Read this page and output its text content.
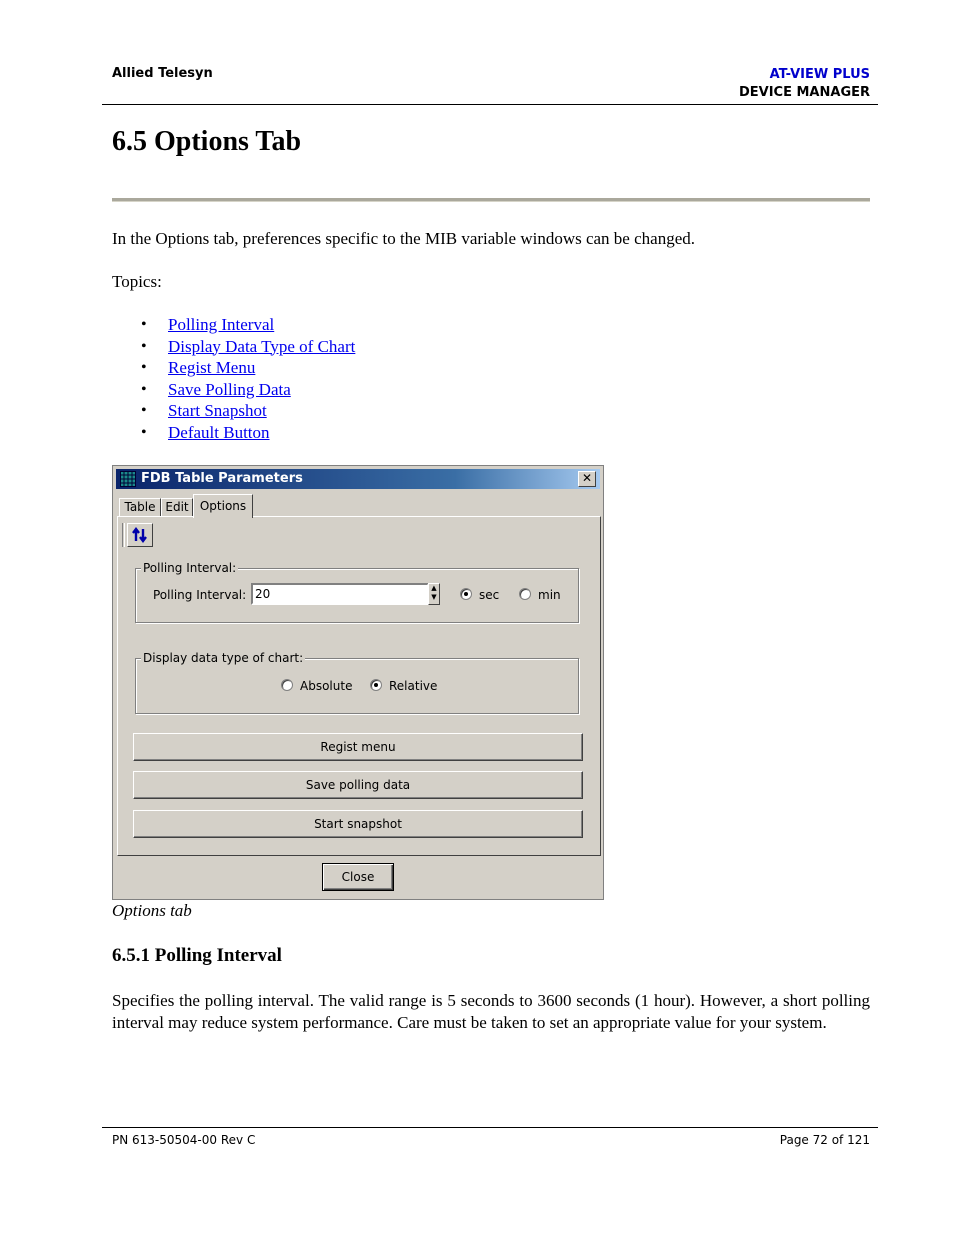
Allied Telesyn	AT-VIEW PLUS
DEVICE MANAGER
6.5 Options Tab
In the Options tab, preferences specific to the MIB variable windows can be changed.
Topics:
• Polling Interval
• Display Data Type of Chart
• Regist Menu
• Save Polling Data
• Start Snapshot
• Default Button
FDB Table Parameters	✕
Table Edit Options
Polling Interval:
Polling Interval: 20	▲
▼	sec	min
Display data type of chart:
Absolute	Relative
Regist menu
Save polling data
Start snapshot
Close
Options tab
6.5.1 Polling Interval
Specifies the polling interval. The valid range is 5 seconds to 3600 seconds (1 hour). However, a short polling interval may reduce system performance. Care must be taken to set an appropriate value for your system.
PN 613-50504-00 Rev C	Page 72 of 121
